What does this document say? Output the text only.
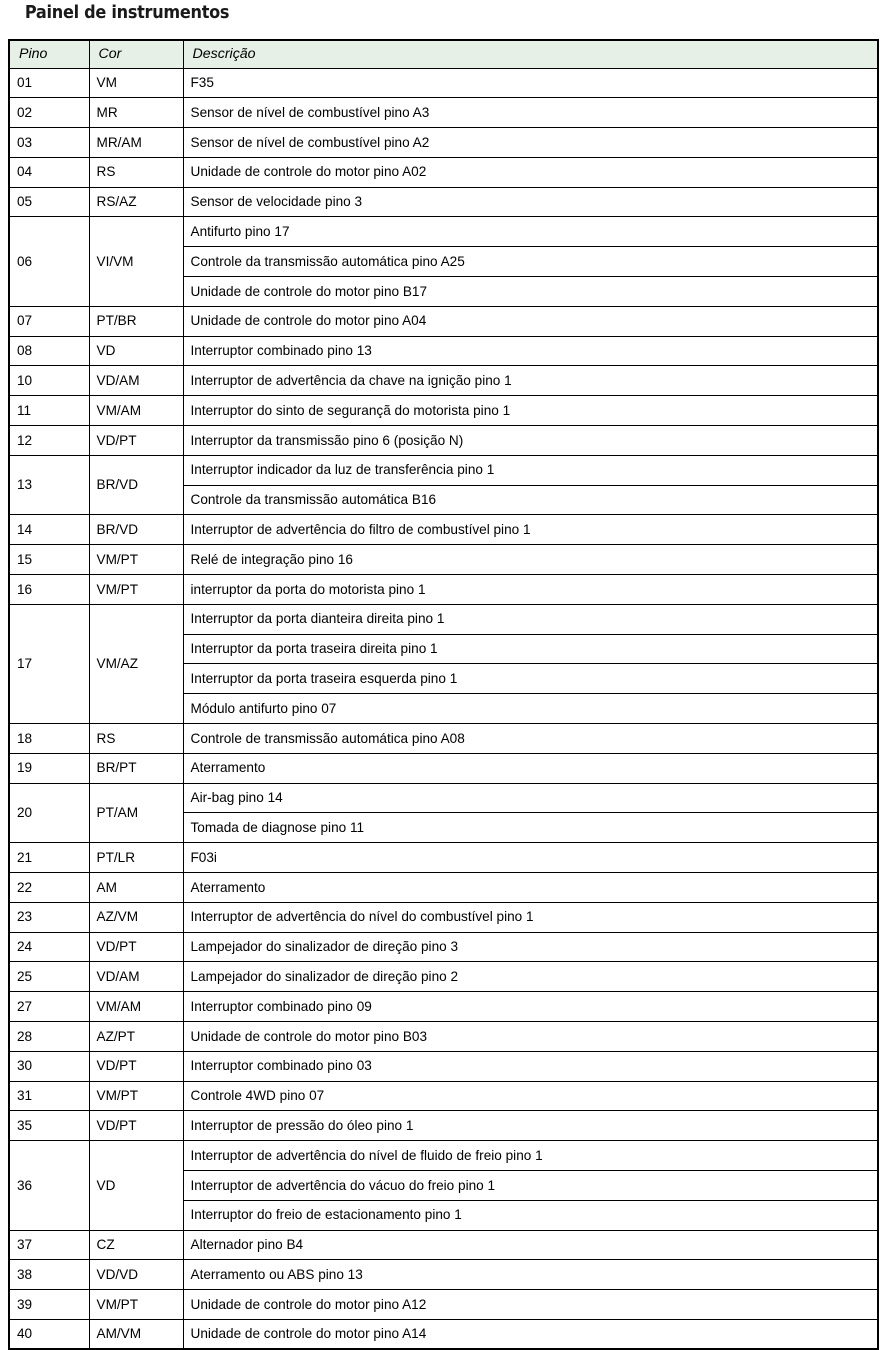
Painel de instrumentos
Pino	Cor	Descrição
01	VM	F35
02	MR	Sensor de nível de combustível pino A3
03	MR/AM	Sensor de nível de combustível pino A2
04	RS	Unidade de controle do motor pino A02
05	RS/AZ	Sensor de velocidade pino 3
06	VI/VM	Antifurto pino 17
		Controle da transmissão automática pino A25
		Unidade de controle do motor pino B17
07	PT/BR	Unidade de controle do motor pino A04
08	VD	Interruptor combinado pino 13
10	VD/AM	Interruptor de advertência da chave na ignição pino 1
11	VM/AM	Interruptor do sinto de segurançã do motorista pino 1
12	VD/PT	Interruptor da transmissão pino 6 (posição N)
13	BR/VD	Interruptor indicador da luz de transferência pino 1
		Controle da transmissão automática B16
14	BR/VD	Interruptor de advertência do filtro de combustível pino 1
15	VM/PT	Relé de integração pino 16
16	VM/PT	interruptor da porta do motorista pino 1
17	VM/AZ	Interruptor da porta dianteira direita pino 1
		Interruptor da porta traseira direita pino 1
		Interruptor da porta traseira esquerda pino 1
		Módulo antifurto pino 07
18	RS	Controle de transmissão automática pino A08
19	BR/PT	Aterramento
20	PT/AM	Air-bag pino 14
		Tomada de diagnose pino 11
21	PT/LR	F03i
22	AM	Aterramento
23	AZ/VM	Interruptor de advertência do nível do combustível pino 1
24	VD/PT	Lampejador do sinalizador de direção pino 3
25	VD/AM	Lampejador do sinalizador de direção pino 2
27	VM/AM	Interruptor combinado pino 09
28	AZ/PT	Unidade de controle do motor pino B03
30	VD/PT	Interruptor combinado pino 03
31	VM/PT	Controle 4WD pino 07
35	VD/PT	Interruptor de pressão do óleo pino 1
36	VD	Interruptor de advertência do nível de fluido de freio pino 1
		Interruptor de advertência do vácuo do freio pino 1
		Interruptor do freio de estacionamento pino 1
37	CZ	Alternador pino B4
38	VD/VD	Aterramento ou ABS pino 13
39	VM/PT	Unidade de controle do motor pino A12
40	AM/VM	Unidade de controle do motor pino A14
